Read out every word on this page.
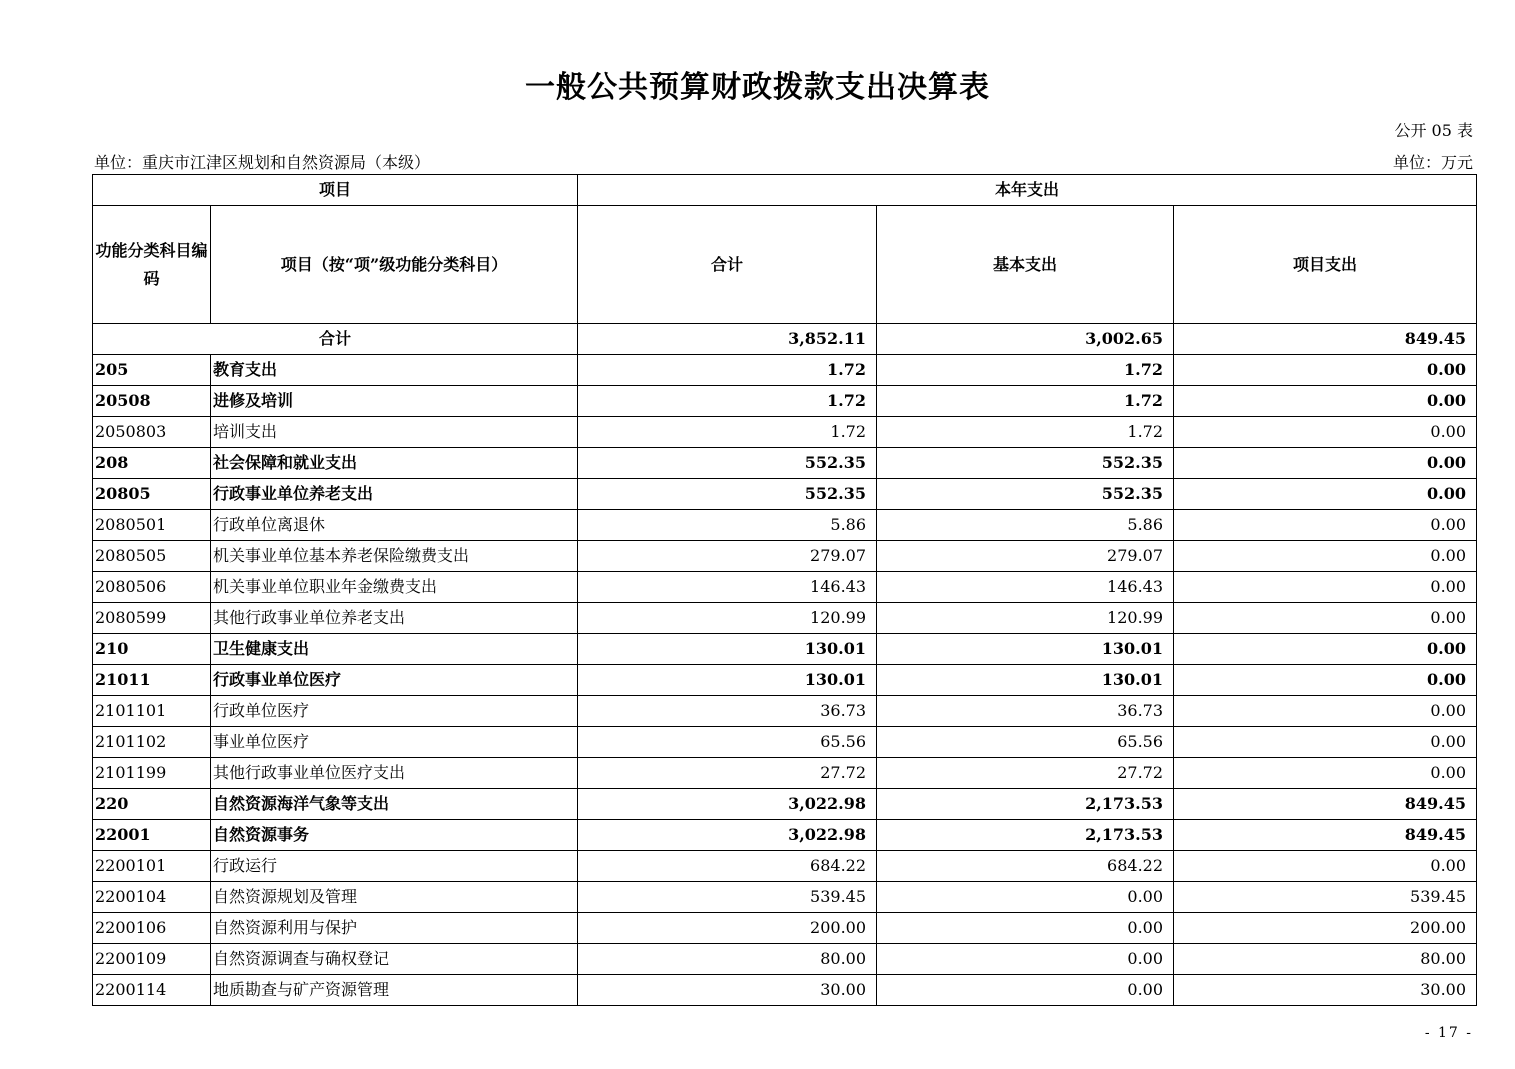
一般公共预算财政拨款支出决算表
公开 05 表
单位：重庆市江津区规划和自然资源局（本级）	单位：万元
项目		本年支出		
功能分类科目编码	项目（按“项”级功能分类科目）	合计	基本支出	项目支出
合计		3,852.11	3,002.65	849.45
205	教育支出	1.72	1.72	0.00
20508	进修及培训	1.72	1.72	0.00
2050803	培训支出	1.72	1.72	0.00
208	社会保障和就业支出	552.35	552.35	0.00
20805	行政事业单位养老支出	552.35	552.35	0.00
2080501	行政单位离退休	5.86	5.86	0.00
2080505	机关事业单位基本养老保险缴费支出	279.07	279.07	0.00
2080506	机关事业单位职业年金缴费支出	146.43	146.43	0.00
2080599	其他行政事业单位养老支出	120.99	120.99	0.00
210	卫生健康支出	130.01	130.01	0.00
21011	行政事业单位医疗	130.01	130.01	0.00
2101101	行政单位医疗	36.73	36.73	0.00
2101102	事业单位医疗	65.56	65.56	0.00
2101199	其他行政事业单位医疗支出	27.72	27.72	0.00
220	自然资源海洋气象等支出	3,022.98	2,173.53	849.45
22001	自然资源事务	3,022.98	2,173.53	849.45
2200101	行政运行	684.22	684.22	0.00
2200104	自然资源规划及管理	539.45	0.00	539.45
2200106	自然资源利用与保护	200.00	0.00	200.00
2200109	自然资源调查与确权登记	80.00	0.00	80.00
2200114	地质勘查与矿产资源管理	30.00	0.00	30.00
- 17 -
